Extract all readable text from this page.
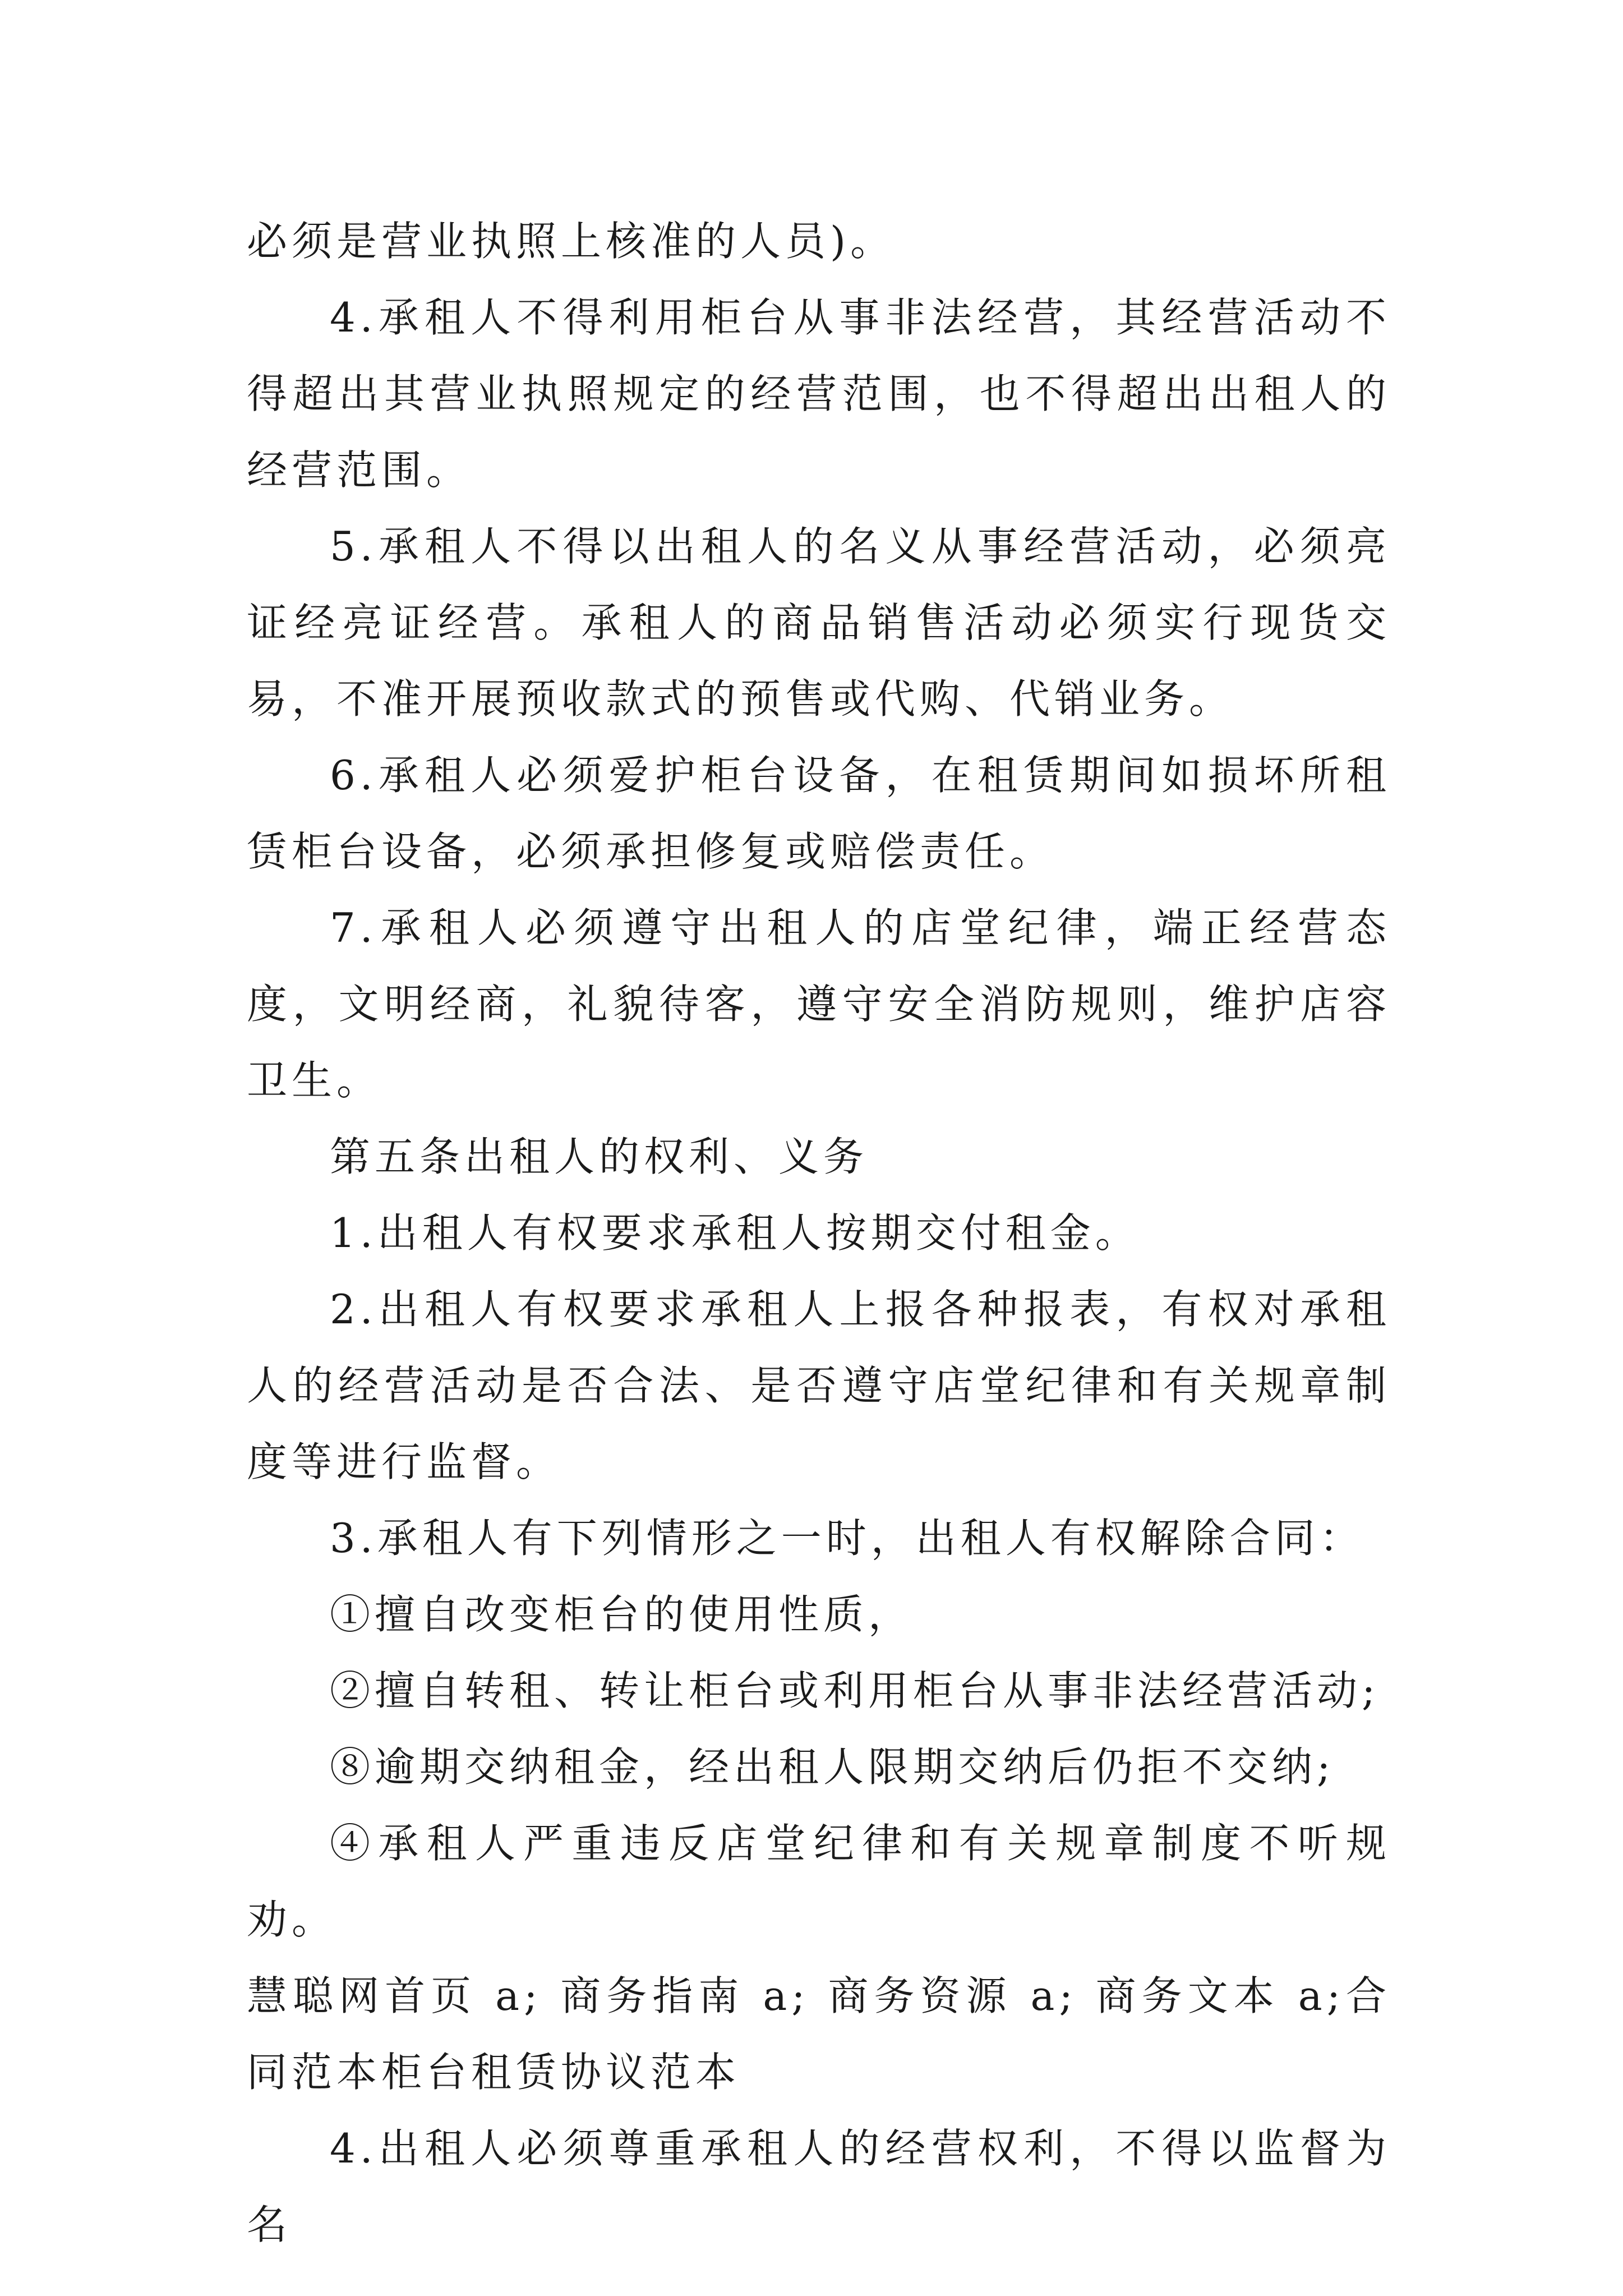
必须是营业执照上核准的人员)。

4.承租人不得利用柜台从事非法经营，其经营活动不得超出其营业执照规定的经营范围，也不得超出出租人的经营范围。

5.承租人不得以出租人的名义从事经营活动，必须亮证经亮证经营。承租人的商品销售活动必须实行现货交易，不准开展预收款式的预售或代购、代销业务。

6.承租人必须爱护柜台设备，在租赁期间如损坏所租赁柜台设备，必须承担修复或赔偿责任。

7.承租人必须遵守出租人的店堂纪律，端正经营态度，文明经商，礼貌待客，遵守安全消防规则，维护店容卫生。

第五条出租人的权利、义务

1.出租人有权要求承租人按期交付租金。

2.出租人有权要求承租人上报各种报表，有权对承租人的经营活动是否合法、是否遵守店堂纪律和有关规章制度等进行监督。

3.承租人有下列情形之一时，出租人有权解除合同：

①擅自改变柜台的使用性质，

②擅自转租、转让柜台或利用柜台从事非法经营活动;

⑧逾期交纳租金，经出租人限期交纳后仍拒不交纳;

④承租人严重违反店堂纪律和有关规章制度不听规劝。

慧聪网首页 a; 商务指南 a; 商务资源 a; 商务文本 a;合同范本柜台租赁协议范本

4.出租人必须尊重承租人的经营权利，不得以监督为名
